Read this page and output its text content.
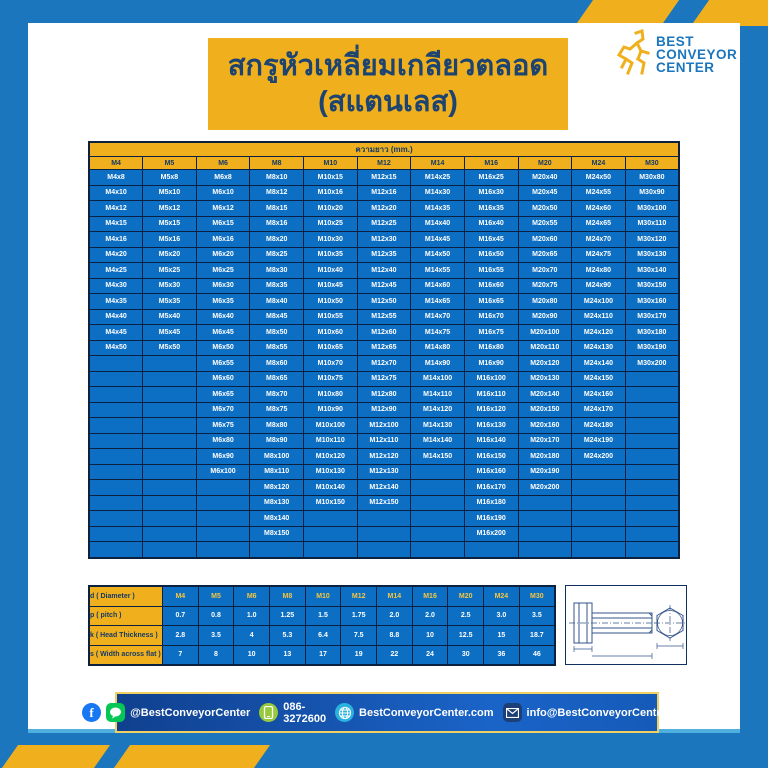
สกรูหัวเหลี่ยมเกลียวตลอด
(สแตนเลส)
BEST
CONVEYOR
CENTER
ความยาว (mm.)										
M4	M5	M6	M8	M10	M12	M14	M16	M20	M24	M30
M4x8	M5x8	M6x8	M8x10	M10x15	M12x15	M14x25	M16x25	M20x40	M24x50	M30x80
M4x10	M5x10	M6x10	M8x12	M10x16	M12x16	M14x30	M16x30	M20x45	M24x55	M30x90
M4x12	M5x12	M6x12	M8x15	M10x20	M12x20	M14x35	M16x35	M20x50	M24x60	M30x100
M4x15	M5x15	M6x15	M8x16	M10x25	M12x25	M14x40	M16x40	M20x55	M24x65	M30x110
M4x16	M5x16	M6x16	M8x20	M10x30	M12x30	M14x45	M16x45	M20x60	M24x70	M30x120
M4x20	M5x20	M6x20	M8x25	M10x35	M12x35	M14x50	M16x50	M20x65	M24x75	M30x130
M4x25	M5x25	M6x25	M8x30	M10x40	M12x40	M14x55	M16x55	M20x70	M24x80	M30x140
M4x30	M5x30	M6x30	M8x35	M10x45	M12x45	M14x60	M16x60	M20x75	M24x90	M30x150
M4x35	M5x35	M6x35	M8x40	M10x50	M12x50	M14x65	M16x65	M20x80	M24x100	M30x160
M4x40	M5x40	M6x40	M8x45	M10x55	M12x55	M14x70	M16x70	M20x90	M24x110	M30x170
M4x45	M5x45	M6x45	M8x50	M10x60	M12x60	M14x75	M16x75	M20x100	M24x120	M30x180
M4x50	M5x50	M6x50	M8x55	M10x65	M12x65	M14x80	M16x80	M20x110	M24x130	M30x190
		M6x55	M8x60	M10x70	M12x70	M14x90	M16x90	M20x120	M24x140	M30x200
		M6x60	M8x65	M10x75	M12x75	M14x100	M16x100	M20x130	M24x150	
		M6x65	M8x70	M10x80	M12x80	M14x110	M16x110	M20x140	M24x160	
		M6x70	M8x75	M10x90	M12x90	M14x120	M16x120	M20x150	M24x170	
		M6x75	M8x80	M10x100	M12x100	M14x130	M16x130	M20x160	M24x180	
		M6x80	M8x90	M10x110	M12x110	M14x140	M16x140	M20x170	M24x190	
		M6x90	M8x100	M10x120	M12x120	M14x150	M16x150	M20x180	M24x200	
		M6x100	M8x110	M10x130	M12x130		M16x160	M20x190		
			M8x120	M10x140	M12x140		M16x170	M20x200		
			M8x130	M10x150	M12x150		M16x180			
			M8x140				M16x190			
			M8x150				M16x200			

d ( Diameter )	M4	M5	M6	M8	M10	M12	M14	M16	M20	M24	M30
p ( pitch )	0.7	0.8	1.0	1.25	1.5	1.75	2.0	2.0	2.5	3.0	3.5
k ( Head Thickness )	2.8	3.5	4	5.3	6.4	7.5	8.8	10	12.5	15	18.7
s ( Width across flat )	7	8	10	13	17	19	22	24	30	36	46
f	@BestConveyorCenter	086-3272600	BestConveyorCenter.com	info@BestConveyorCenter.com
